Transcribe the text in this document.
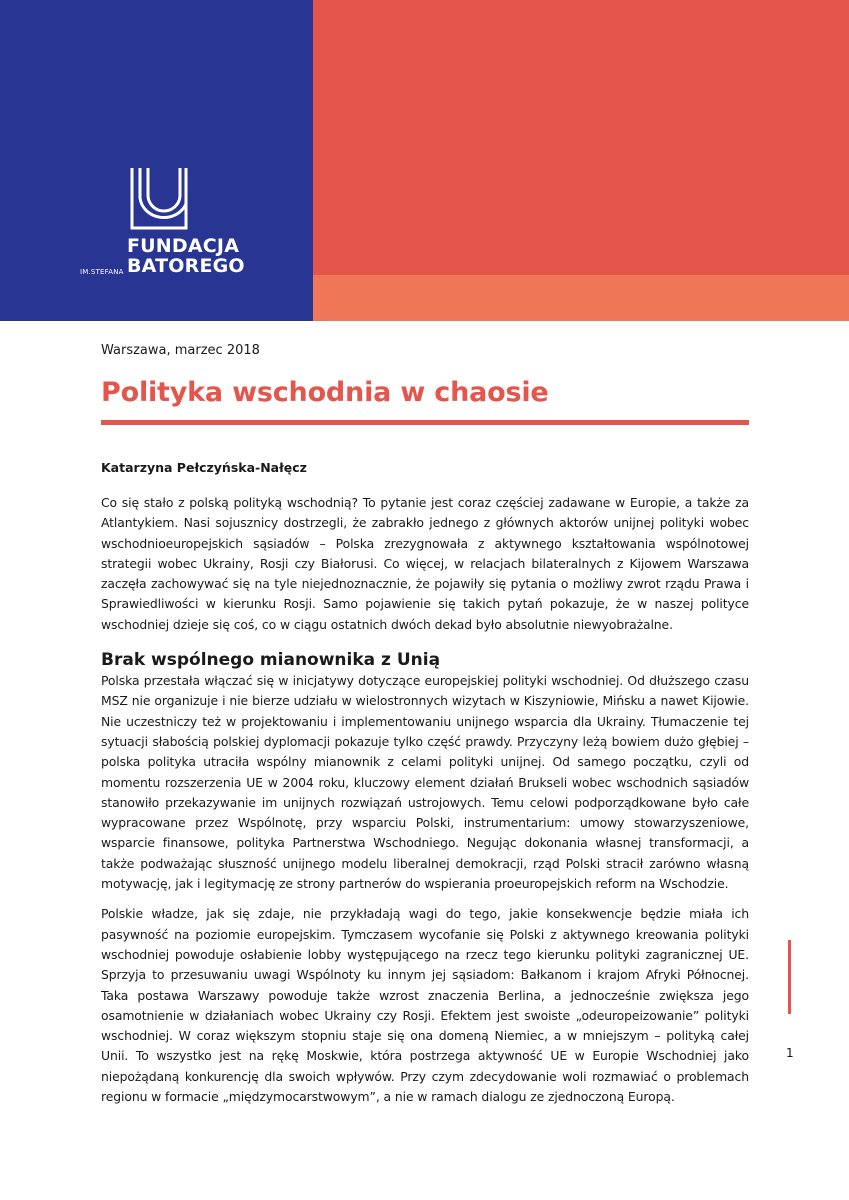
FUNDACJA
BATOREGO
IM.STEFANA

Warszawa, marzec 2018

Polityka wschodnia w chaosie

Katarzyna Pełczyńska-Nałęcz

Co się stało z polską polityką wschodnią? To pytanie jest coraz częściej zadawane w Europie, a także za Atlantykiem. Nasi sojusznicy dostrzegli, że zabrakło jednego z głównych aktorów unijnej polityki wobec wschodnioeuropejskich sąsiadów – Polska zrezygnowała z aktywnego kształtowania wspólnotowej strategii wobec Ukrainy, Rosji czy Białorusi. Co więcej, w relacjach bilateralnych z Kijowem Warszawa zaczęła zachowywać się na tyle niejednoznacznie, że pojawiły się pytania o możliwy zwrot rządu Prawa i Sprawiedliwości w kierunku Rosji. Samo pojawienie się takich pytań pokazuje, że w naszej polityce wschodniej dzieje się coś, co w ciągu ostatnich dwóch dekad było absolutnie niewyobrażalne.

Brak wspólnego mianownika z Unią

Polska przestała włączać się w inicjatywy dotyczące europejskiej polityki wschodniej. Od dłuższego czasu MSZ nie organizuje i nie bierze udziału w wielostronnych wizytach w Kiszyniowie, Mińsku a nawet Kijowie. Nie uczestniczy też w projektowaniu i implementowaniu unijnego wsparcia dla Ukrainy. Tłumaczenie tej sytuacji słabością polskiej dyplomacji pokazuje tylko część prawdy. Przyczyny leżą bowiem dużo głębiej – polska polityka utraciła wspólny mianownik z celami polityki unijnej. Od samego początku, czyli od momentu rozszerzenia UE w 2004 roku, kluczowy element działań Brukseli wobec wschodnich sąsiadów stanowiło przekazywanie im unijnych rozwiązań ustrojowych. Temu celowi podporządkowane było całe wypracowane przez Wspólnotę, przy wsparciu Polski, instrumentarium: umowy stowarzyszeniowe, wsparcie finansowe, polityka Partnerstwa Wschodniego. Negując dokonania własnej transformacji, a także podważając słuszność unijnego modelu liberalnej demokracji, rząd Polski stracił zarówno własną motywację, jak i legitymację ze strony partnerów do wspierania proeuropejskich reform na Wschodzie.

Polskie władze, jak się zdaje, nie przykładają wagi do tego, jakie konsekwencje będzie miała ich pasywność na poziomie europejskim. Tymczasem wycofanie się Polski z aktywnego kreowania polityki wschodniej powoduje osłabienie lobby występującego na rzecz tego kierunku polityki zagranicznej UE. Sprzyja to przesuwaniu uwagi Wspólnoty ku innym jej sąsiadom: Bałkanom i krajom Afryki Północnej. Taka postawa Warszawy powoduje także wzrost znaczenia Berlina, a jednocześnie zwiększa jego osamotnienie w działaniach wobec Ukrainy czy Rosji. Efektem jest swoiste „odeuropeizowanie” polityki wschodniej. W coraz większym stopniu staje się ona domeną Niemiec, a w mniejszym – polityką całej Unii. To wszystko jest na rękę Moskwie, która postrzega aktywność UE w Europie Wschodniej jako niepożądaną konkurencję dla swoich wpływów. Przy czym zdecydowanie woli rozmawiać o problemach regionu w formacie „międzymocarstwowym”, a nie w ramach dialogu ze zjednoczoną Europą.

1
